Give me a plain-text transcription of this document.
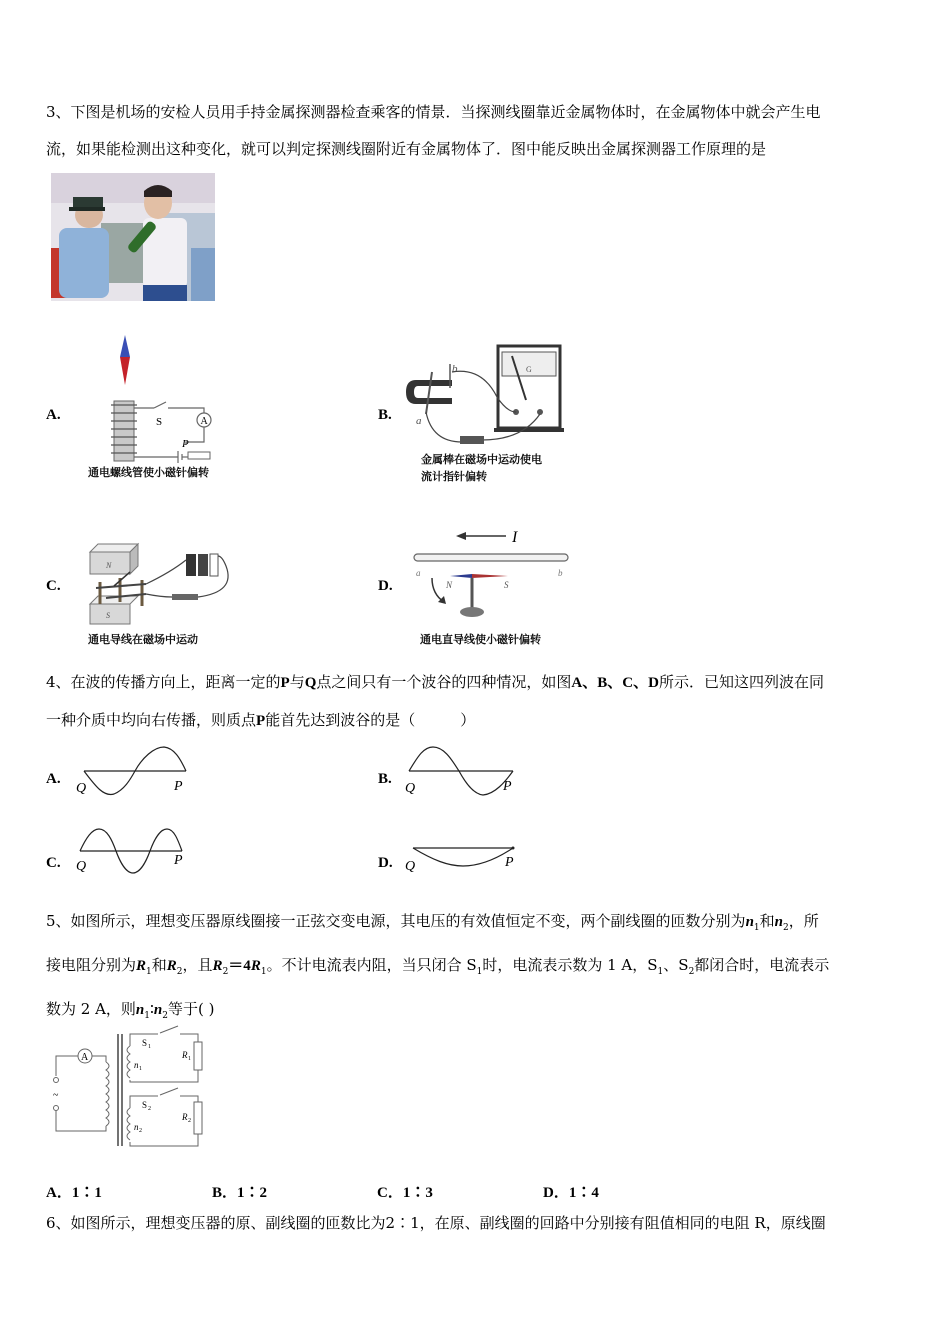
3、下图是机场的安检人员用手持金属探测器检查乘客的情景．当探测线圈靠近金属物体时，在金属物体中就会产生电
流，如果能检测出这种变化，就可以判定探测线圈附近有金属物体了．图中能反映出金属探测器工作原理的是
A.	A
S
P
通电螺线管使小磁针偏转
B.
b
a
G
金属棒在磁场中运动使电
流计指针偏转
C.
N
S
通电导线在磁场中运动
D.
I
a	b
N	S
通电直导线使小磁针偏转
4、在波的传播方向上，距离一定的P与Q点之间只有一个波谷的四种情况，如图A、B、C、D所示．已知这四列波在同
一种介质中均向右传播，则质点P能首先达到波谷的是（　　　）
A.
Q	P	B.
Q	P
C. Q	P	D. Q	P
5、如图所示，理想变压器原线圈接一正弦交变电源，其电压的有效值恒定不变，两个副线圈的匝数分别为$n_1$和$n_2$，所
接电阻分别为$R_1$和$R_2$，且$R_2=4R_1$。不计电流表内阻，当只闭合 $S_1$时，电流表示数为 1 A，$S_1$、$S_2$都闭合时，电流表示
数为 2 A，则$n_1∶n_2$等于( )
A
~
S 1
n 1
R 1
S 2
n 2
R 2
A．1∶1	B．1∶2	C．1∶3	D．1∶4
6、如图所示，理想变压器的原、副线圈的匝数比为2∶1，在原、副线圈的回路中分别接有阻值相同的电阻 R，原线圈
